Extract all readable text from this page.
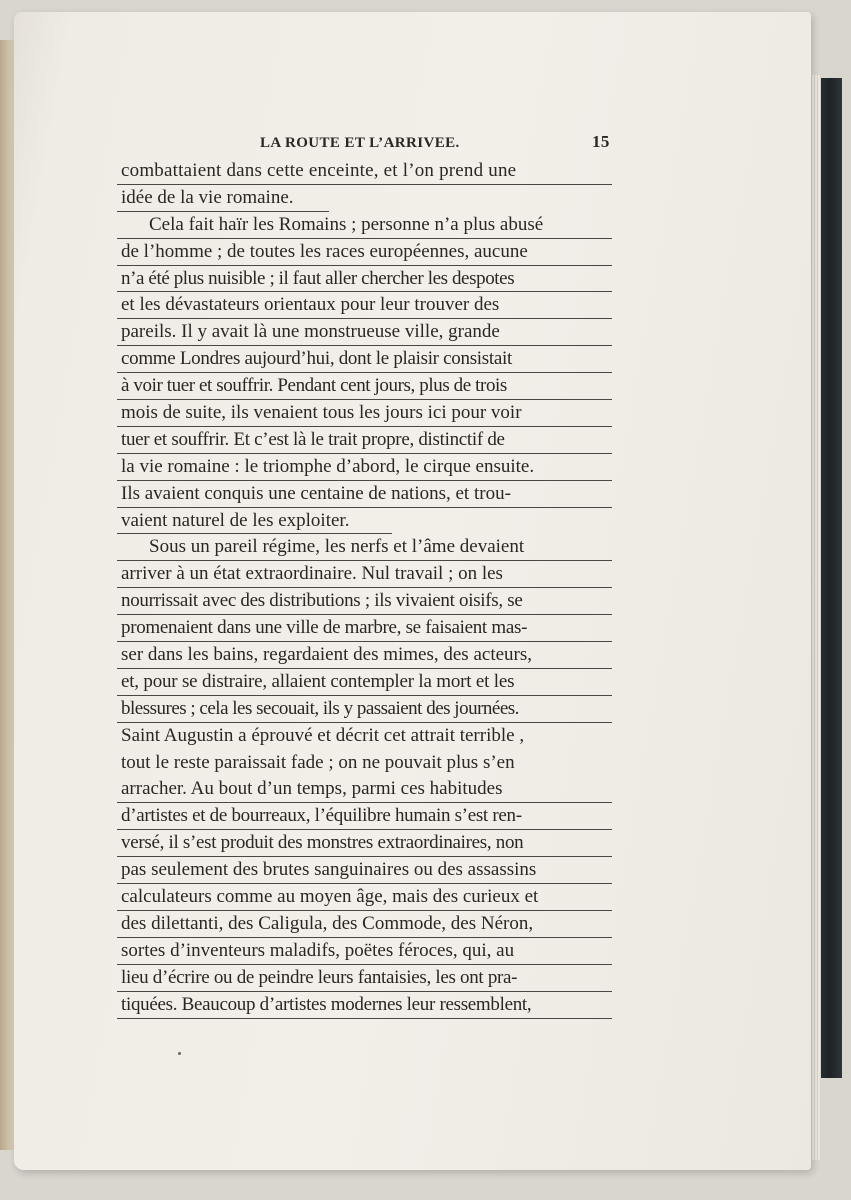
LA ROUTE ET L’ARRIVEE.	15

combattaient dans cette enceinte, et l’on prend une
idée de la vie romaine.

Cela fait haïr les Romains ; personne n’a plus abusé
de l’homme ; de toutes les races européennes, aucune
n’a été plus nuisible ; il faut aller chercher les despotes
et les dévastateurs orientaux pour leur trouver des
pareils. Il y avait là une monstrueuse ville, grande
comme Londres aujourd’hui, dont le plaisir consistait
à voir tuer et souffrir. Pendant cent jours, plus de trois
mois de suite, ils venaient tous les jours ici pour voir
tuer et souffrir. Et c’est là le trait propre, distinctif de
la vie romaine : le triomphe d’abord, le cirque ensuite.
Ils avaient conquis une centaine de nations, et trou-
vaient naturel de les exploiter.

Sous un pareil régime, les nerfs et l’âme devaient
arriver à un état extraordinaire. Nul travail ; on les
nourrissait avec des distributions ; ils vivaient oisifs, se
promenaient dans une ville de marbre, se faisaient mas-
ser dans les bains, regardaient des mimes, des acteurs,
et, pour se distraire, allaient contempler la mort et les
blessures ; cela les secouait, ils y passaient des journées.
Saint Augustin a éprouvé et décrit cet attrait terrible ,
tout le reste paraissait fade ; on ne pouvait plus s’en
arracher. Au bout d’un temps, parmi ces habitudes
d’artistes et de bourreaux, l’équilibre humain s’est ren-
versé, il s’est produit des monstres extraordinaires, non
pas seulement des brutes sanguinaires ou des assassins
calculateurs comme au moyen âge, mais des curieux et
des dilettanti, des Caligula, des Commode, des Néron,
sortes d’inventeurs maladifs, poëtes féroces, qui, au
lieu d’écrire ou de peindre leurs fantaisies, les ont pra-
tiquées. Beaucoup d’artistes modernes leur ressemblent,
